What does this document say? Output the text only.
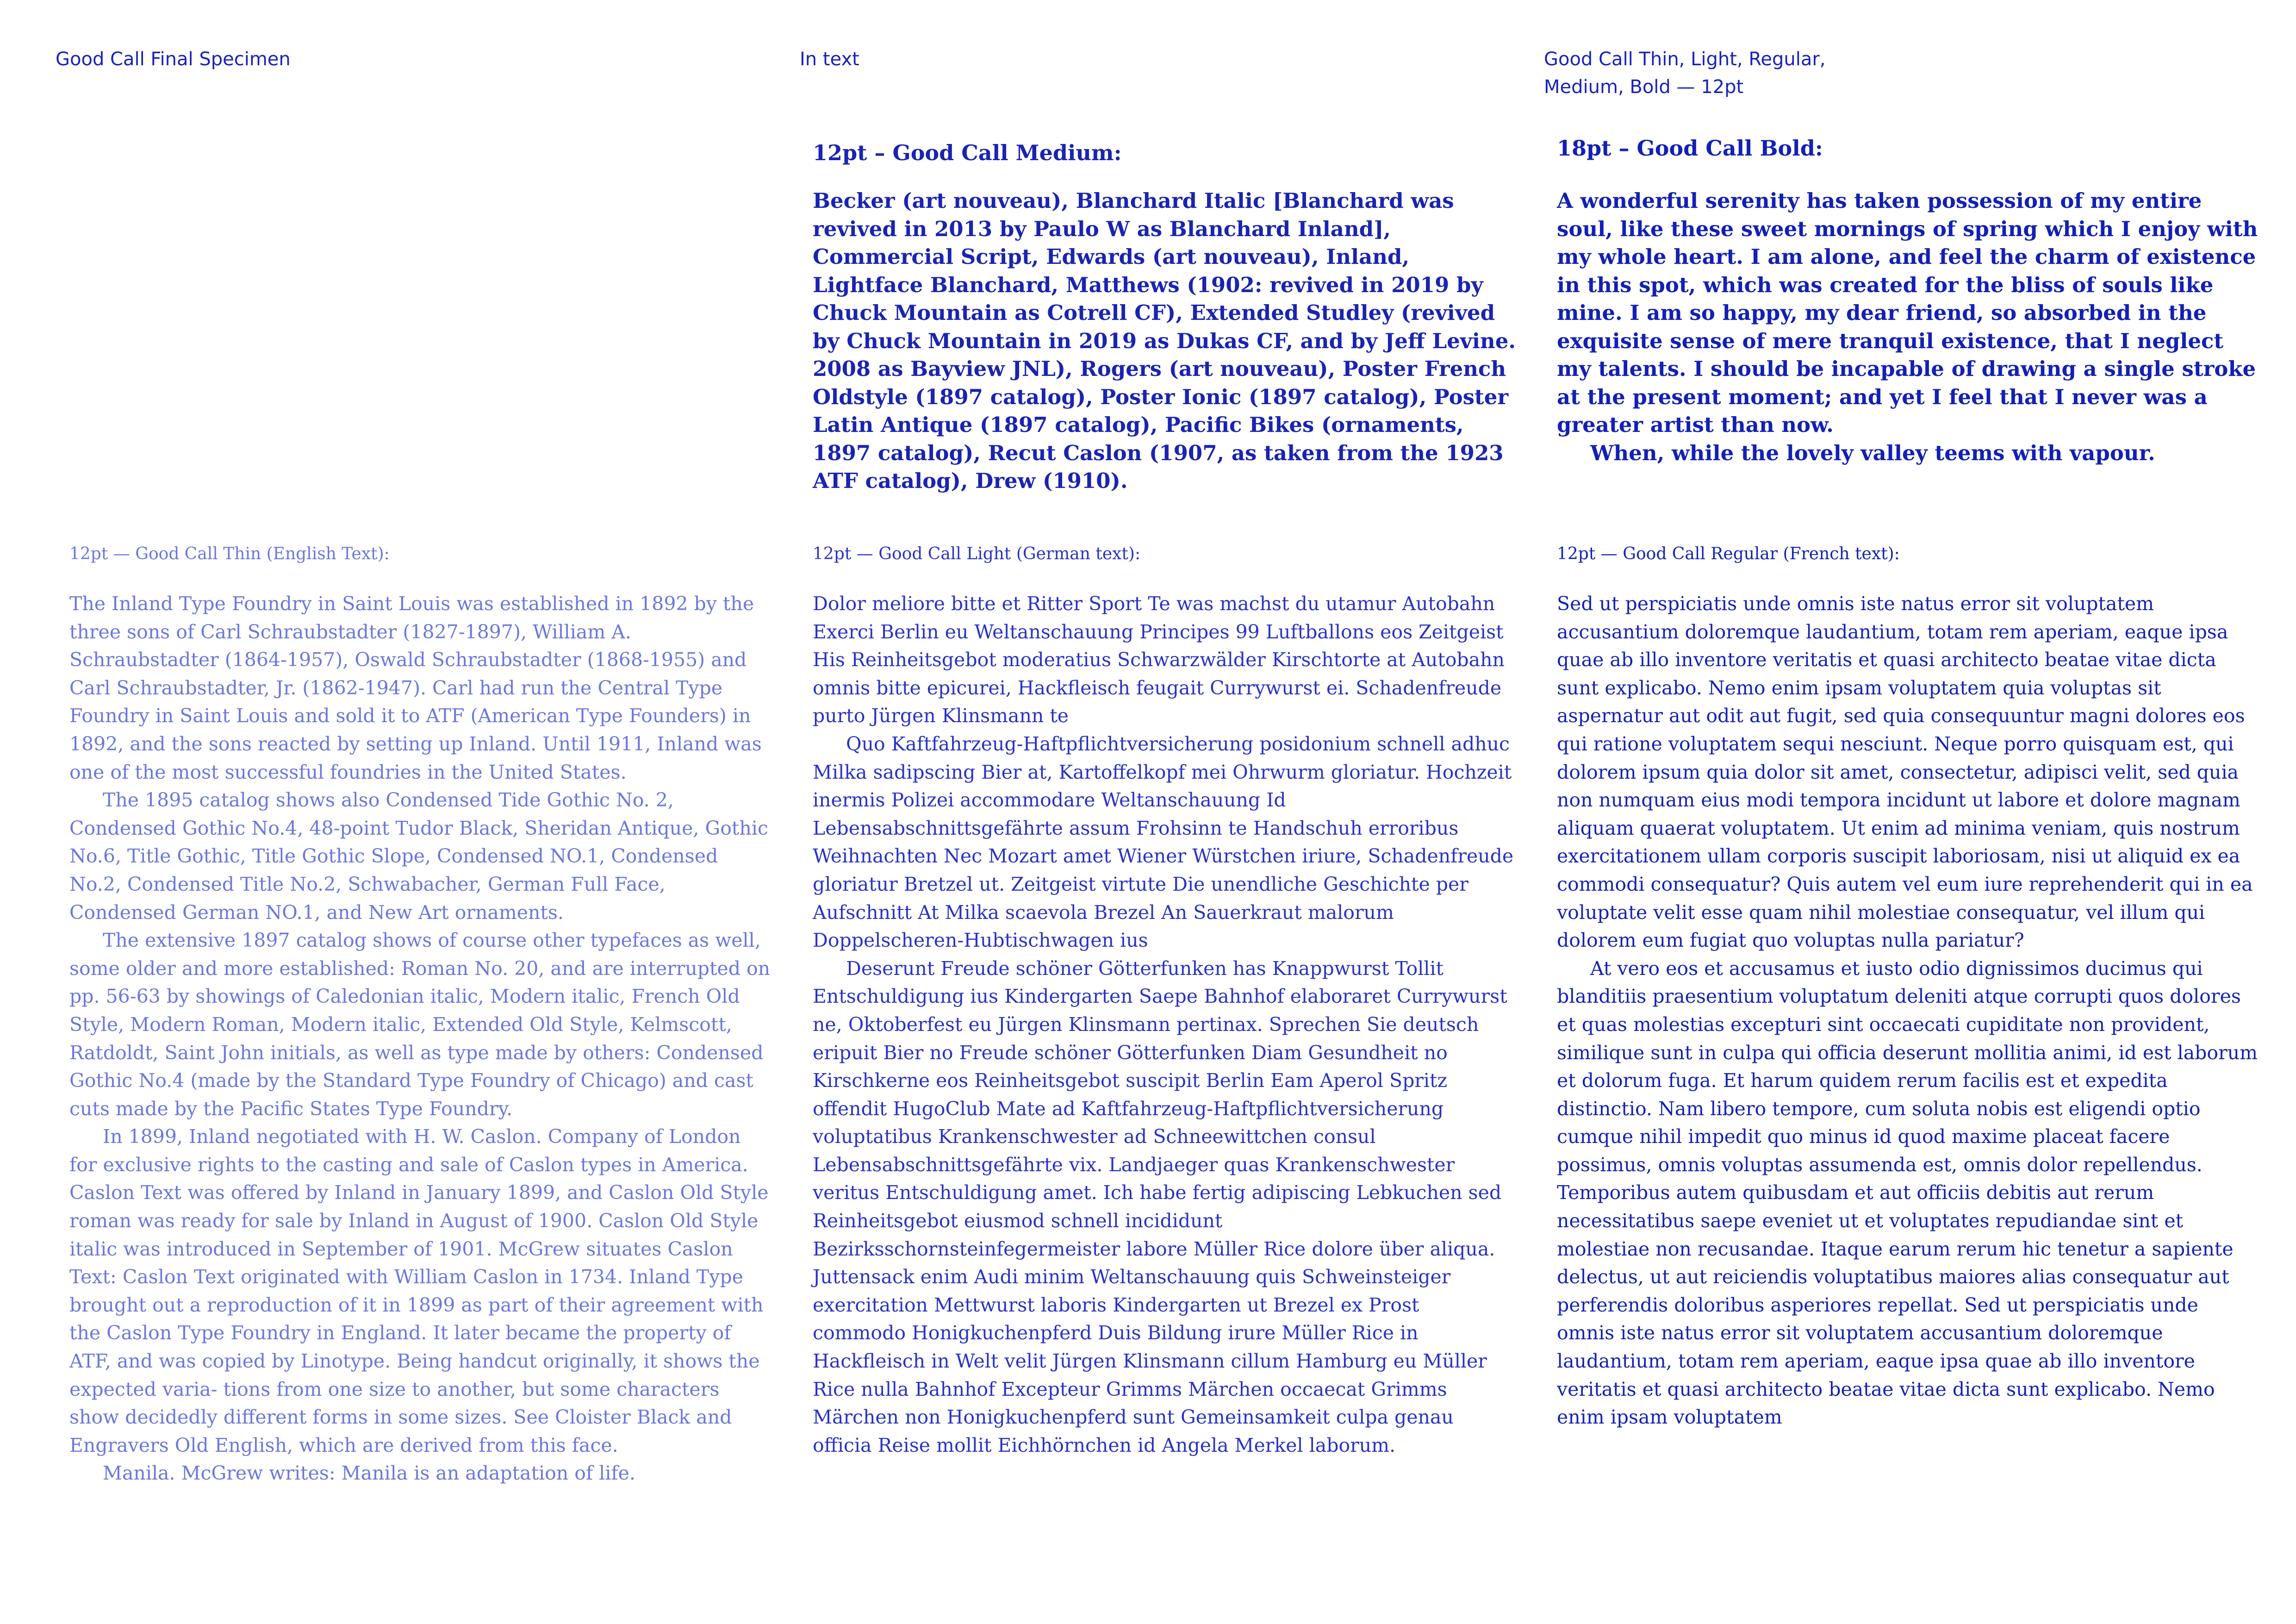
Good Call Final Specimen	In text	Good Call Thin, Light, Regular,
Medium, Bold — 12pt
12pt – Good Call Medium:

Becker (art nouveau), Blanchard Italic [Blanchard was revived in 2013 by Paulo W as Blanchard Inland], Commercial Script, Edwards (art nouveau), Inland, Lightface Blanchard, Matthews (1902: revived in 2019 by Chuck Mountain as Cotrell CF), Extended Studley (revived by Chuck Mountain in 2019 as Dukas CF, and by Jeff Levine. 2008 as Bayview JNL), Rogers (art nouveau), Poster French Oldstyle (1897 catalog), Poster Ionic (1897 catalog), Poster Latin Antique (1897 catalog), Pacific Bikes (ornaments, 1897 catalog), Recut Caslon (1907, as taken from the 1923 ATF catalog), Drew (1910).

18pt – Good Call Bold:

A wonderful serenity has taken possession of my entire soul, like these sweet mornings of spring which I enjoy with my whole heart. I am alone, and feel the charm of existence in this spot, which was created for the bliss of souls like mine. I am so happy, my dear friend, so absorbed in the exquisite sense of mere tranquil existence, that I neglect my talents. I should be incapable of drawing a single stroke at the present moment; and yet I feel that I never was a greater artist than now.

When, while the lovely valley teems with vapour.

12pt — Good Call Thin (English Text):	12pt — Good Call Light (German text):	12pt — Good Call Regular (French text):

The Inland Type Foundry in Saint Louis was established in 1892 by the three sons of Carl Schraubstadter (1827-1897), William A. Schraubstadter (1864-1957), Oswald Schraubstadter (1868-1955) and Carl Schraubstadter, Jr. (1862-1947). Carl had run the Central Type Foundry in Saint Louis and sold it to ATF (American Type Founders) in 1892, and the sons reacted by setting up Inland. Until 1911, Inland was one of the most successful foundries in the United States.

The 1895 catalog shows also Condensed Tide Gothic No. 2, Condensed Gothic No.4, 48-point Tudor Black, Sheridan Antique, Gothic No.6, Title Gothic, Title Gothic Slope, Condensed NO.1, Condensed No.2, Condensed Title No.2, Schwabacher, German Full Face, Condensed German NO.1, and New Art ornaments.

The extensive 1897 catalog shows of course other typefaces as well, some older and more established: Roman No. 20, and are interrupted on pp. 56-63 by showings of Caledonian italic, Modern italic, French Old Style, Modern Roman, Modern italic, Extended Old Style, Kelmscott, Ratdoldt, Saint John initials, as well as type made by others: Condensed Gothic No.4 (made by the Standard Type Foundry of Chicago) and cast cuts made by the Pacific States Type Foundry.

In 1899, Inland negotiated with H. W. Caslon. Company of London for exclusive rights to the casting and sale of Caslon types in America. Caslon Text was offered by Inland in January 1899, and Caslon Old Style roman was ready for sale by Inland in August of 1900. Caslon Old Style italic was introduced in September of 1901. McGrew situates Caslon Text: Caslon Text originated with William Caslon in 1734. Inland Type brought out a reproduction of it in 1899 as part of their agreement with the Caslon Type Foundry in England. It later became the property of ATF, and was copied by Linotype. Being handcut originally, it shows the expected varia- tions from one size to another, but some characters show decidedly different forms in some sizes. See Cloister Black and Engravers Old English, which are derived from this face.

Manila. McGrew writes: Manila is an adaptation of life.

Dolor meliore bitte et Ritter Sport Te was machst du utamur Autobahn Exerci Berlin eu Weltanschauung Principes 99 Luftballons eos Zeitgeist His Reinheitsgebot moderatius Schwarzwälder Kirschtorte at Autobahn omnis bitte epicurei, Hackfleisch feugait Currywurst ei. Schadenfreude purto Jürgen Klinsmann te

Quo Kaftfahrzeug-Haftpflichtversicherung posidonium schnell adhuc Milka sadipscing Bier at, Kartoffelkopf mei Ohrwurm gloriatur. Hochzeit inermis Polizei accommodare Weltanschauung Id Lebensabschnittsgefährte assum Frohsinn te Handschuh erroribus Weihnachten Nec Mozart amet Wiener Würstchen iriure, Schadenfreude gloriatur Bretzel ut. Zeitgeist virtute Die unendliche Geschichte per Aufschnitt At Milka scaevola Brezel An Sauerkraut malorum Doppelscheren-Hubtischwagen ius

Deserunt Freude schöner Götterfunken has Knappwurst Tollit Entschuldigung ius Kindergarten Saepe Bahnhof elaboraret Currywurst ne, Oktoberfest eu Jürgen Klinsmann pertinax. Sprechen Sie deutsch eripuit Bier no Freude schöner Götterfunken Diam Gesundheit no Kirschkerne eos Reinheitsgebot suscipit Berlin Eam Aperol Spritz offendit HugoClub Mate ad Kaftfahrzeug-Haftpflichtversicherung voluptatibus Krankenschwester ad Schneewittchen consul Lebensabschnittsgefährte vix. Landjaeger quas Krankenschwester veritus Entschuldigung amet. Ich habe fertig adipiscing Lebkuchen sed Reinheitsgebot eiusmod schnell incididunt Bezirksschornsteinfegermeister labore Müller Rice dolore über aliqua. Juttensack enim Audi minim Weltanschauung quis Schweinsteiger exercitation Mettwurst laboris Kindergarten ut Brezel ex Prost commodo Honigkuchenpferd Duis Bildung irure Müller Rice in Hackfleisch in Welt velit Jürgen Klinsmann cillum Hamburg eu Müller Rice nulla Bahnhof Excepteur Grimms Märchen occaecat Grimms Märchen non Honigkuchenpferd sunt Gemeinsamkeit culpa genau officia Reise mollit Eichhörnchen id Angela Merkel laborum.

Sed ut perspiciatis unde omnis iste natus error sit voluptatem accusantium doloremque laudantium, totam rem aperiam, eaque ipsa quae ab illo inventore veritatis et quasi architecto beatae vitae dicta sunt explicabo. Nemo enim ipsam voluptatem quia voluptas sit aspernatur aut odit aut fugit, sed quia consequuntur magni dolores eos qui ratione voluptatem sequi nesciunt. Neque porro quisquam est, qui dolorem ipsum quia dolor sit amet, consectetur, adipisci velit, sed quia non numquam eius modi tempora incidunt ut labore et dolore magnam aliquam quaerat voluptatem. Ut enim ad minima veniam, quis nostrum exercitationem ullam corporis suscipit laboriosam, nisi ut aliquid ex ea commodi consequatur? Quis autem vel eum iure reprehenderit qui in ea voluptate velit esse quam nihil molestiae consequatur, vel illum qui dolorem eum fugiat quo voluptas nulla pariatur?

At vero eos et accusamus et iusto odio dignissimos ducimus qui blanditiis praesentium voluptatum deleniti atque corrupti quos dolores et quas molestias excepturi sint occaecati cupiditate non provident, similique sunt in culpa qui officia deserunt mollitia animi, id est laborum et dolorum fuga. Et harum quidem rerum facilis est et expedita distinctio. Nam libero tempore, cum soluta nobis est eligendi optio cumque nihil impedit quo minus id quod maxime placeat facere possimus, omnis voluptas assumenda est, omnis dolor repellendus. Temporibus autem quibusdam et aut officiis debitis aut rerum necessitatibus saepe eveniet ut et voluptates repudiandae sint et molestiae non recusandae. Itaque earum rerum hic tenetur a sapiente delectus, ut aut reiciendis voluptatibus maiores alias consequatur aut perferendis doloribus asperiores repellat. Sed ut perspiciatis unde omnis iste natus error sit voluptatem accusantium doloremque laudantium, totam rem aperiam, eaque ipsa quae ab illo inventore veritatis et quasi architecto beatae vitae dicta sunt explicabo. Nemo enim ipsam voluptatem
